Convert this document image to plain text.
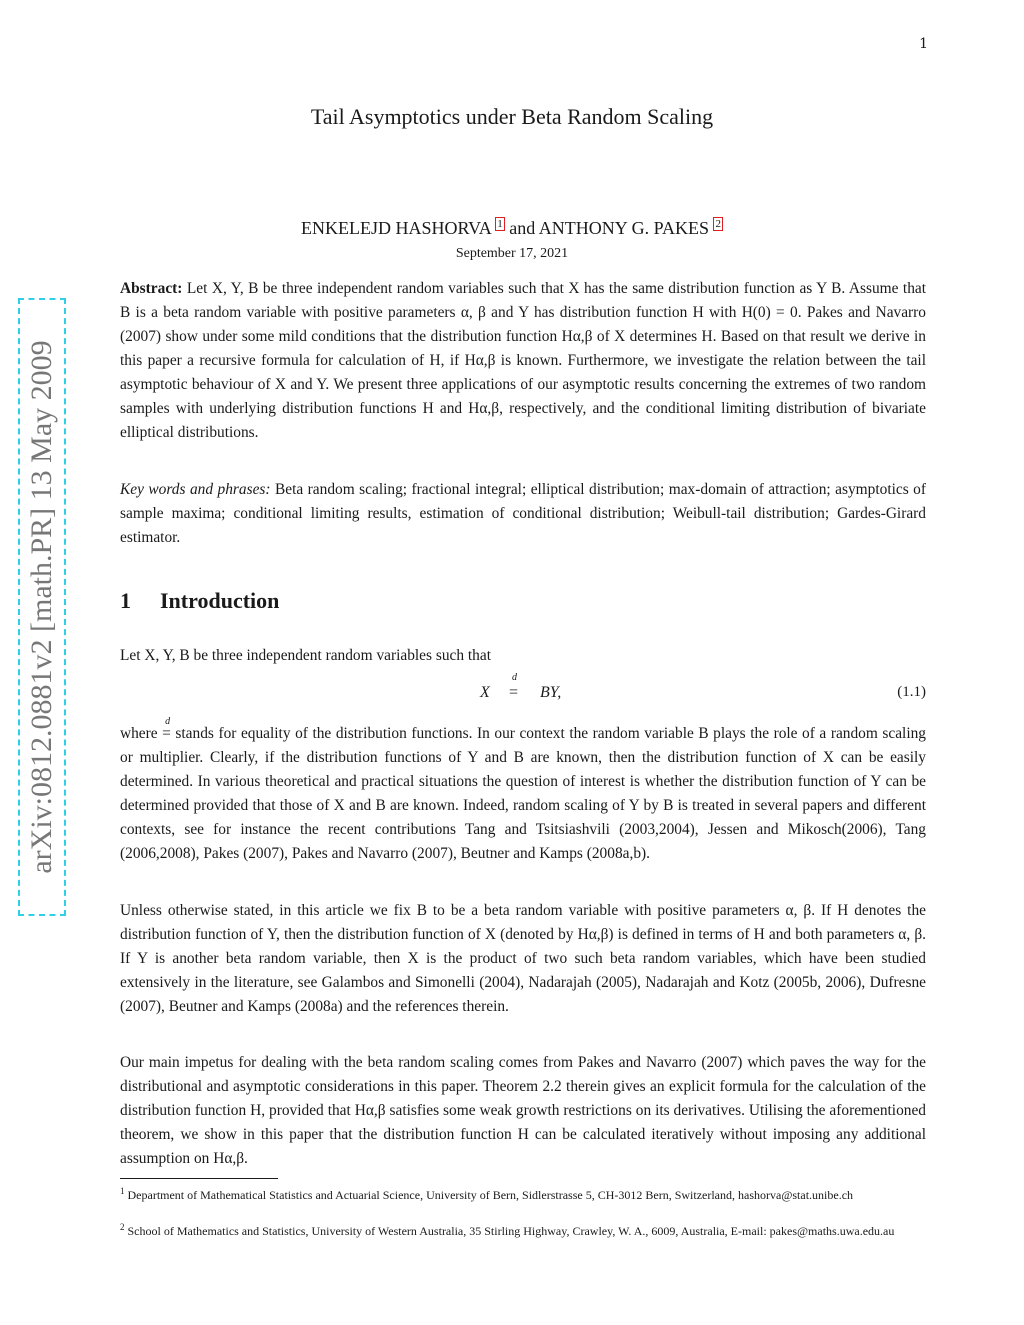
1
arXiv:0812.0881v2 [math.PR] 13 May 2009
Tail Asymptotics under Beta Random Scaling
ENKELEJD HASHORVA $^1$ and ANTHONY G. PAKES $^2$
September 17, 2021
Abstract: Let X, Y, B be three independent random variables such that X has the same distribution function as Y B. Assume that B is a beta random variable with positive parameters α, β and Y has distribution function H with H(0) = 0. Pakes and Navarro (2007) show under some mild conditions that the distribution function Hα,β of X determines H. Based on that result we derive in this paper a recursive formula for calculation of H, if Hα,β is known. Furthermore, we investigate the relation between the tail asymptotic behaviour of X and Y. We present three applications of our asymptotic results concerning the extremes of two random samples with underlying distribution functions H and Hα,β, respectively, and the conditional limiting distribution of bivariate elliptical distributions.
Key words and phrases: Beta random scaling; fractional integral; elliptical distribution; max-domain of attraction; asymptotics of sample maxima; conditional limiting results, estimation of conditional distribution; Weibull-tail distribution; Gardes-Girard estimator.
1 Introduction
Let X, Y, B be three independent random variables such that
X
d
= BY,	(1.1)
where
d
= stands for equality of the distribution functions. In our context the random variable B plays the role of a random scaling or multiplier. Clearly, if the distribution functions of Y and B are known, then the distribution function of X can be easily determined. In various theoretical and practical situations the question of interest is whether the distribution function of Y can be determined provided that those of X and B are known. Indeed, random scaling of Y by B is treated in several papers and different contexts, see for instance the recent contributions Tang and Tsitsiashvili (2003,2004), Jessen and Mikosch(2006), Tang (2006,2008), Pakes (2007), Pakes and Navarro (2007), Beutner and Kamps (2008a,b).
Unless otherwise stated, in this article we fix B to be a beta random variable with positive parameters α, β. If H denotes the distribution function of Y, then the distribution function of X (denoted by Hα,β) is defined in terms of H and both parameters α, β. If Y is another beta random variable, then X is the product of two such beta random variables, which have been studied extensively in the literature, see Galambos and Simonelli (2004), Nadarajah (2005), Nadarajah and Kotz (2005b, 2006), Dufresne (2007), Beutner and Kamps (2008a) and the references therein.
Our main impetus for dealing with the beta random scaling comes from Pakes and Navarro (2007) which paves the way for the distributional and asymptotic considerations in this paper. Theorem 2.2 therein gives an explicit formula for the calculation of the distribution function H, provided that Hα,β satisfies some weak growth restrictions on its derivatives. Utilising the aforementioned theorem, we show in this paper that the distribution function H can be calculated iteratively without imposing any additional assumption on Hα,β.
$^1$ Department of Mathematical Statistics and Actuarial Science, University of Bern, Sidlerstrasse 5, CH-3012 Bern, Switzerland, hashorva@stat.unibe.ch
$^2$ School of Mathematics and Statistics, University of Western Australia, 35 Stirling Highway, Crawley, W. A., 6009, Australia, E-mail: pakes@maths.uwa.edu.au
